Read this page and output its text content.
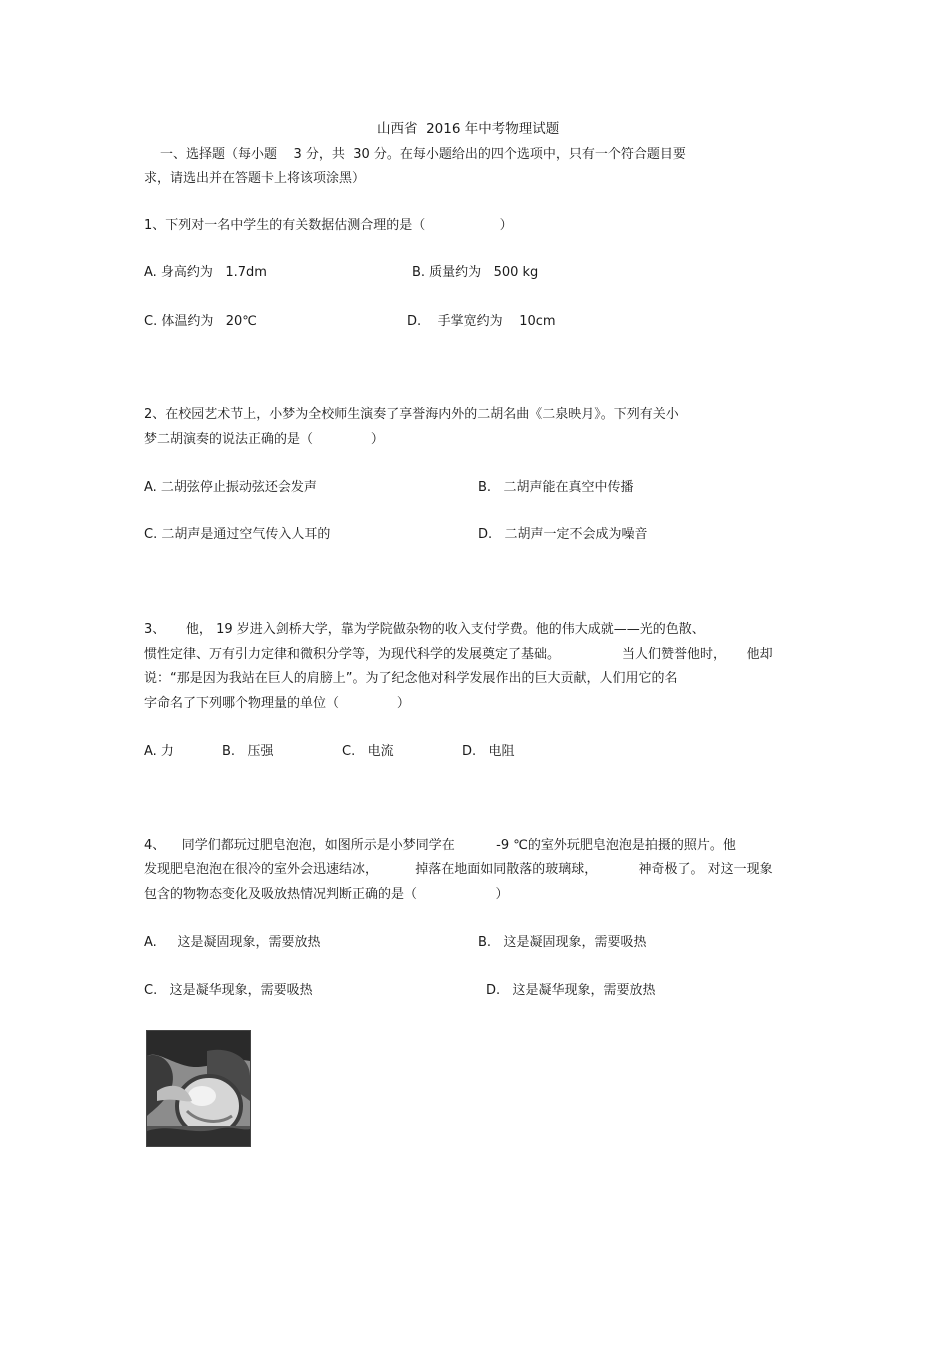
山西省  2016 年中考物理试题
一、选择题（每小题    3 分，共  30 分。在每小题给出的四个选项中，只有一个符合题目要
求，请选出并在答题卡上将该项涂黑）
1、下列对一名中学生的有关数据估测合理的是（                  ）
A. 身高约为   1.7dm	B. 质量约为   500 kg
C. 体温约为   20℃	D.    手掌宽约为    10cm
2、在校园艺术节上，小梦为全校师生演奏了享誉海内外的二胡名曲《二泉映月》。下列有关小
梦二胡演奏的说法正确的是（              ）
A. 二胡弦停止振动弦还会发声	B.   二胡声能在真空中传播
C. 二胡声是通过空气传入人耳的	D.   二胡声一定不会成为噪音
3、     他， 19 岁进入剑桥大学，靠为学院做杂物的收入支付学费。他的伟大成就——光的色散、
惯性定律、万有引力定律和微积分学等，为现代科学的发展奠定了基础。               当人们赞誉他时，     他却
说：“那是因为我站在巨人的肩膀上”。为了纪念他对科学发展作出的巨大贡献，人们用它的名
字命名了下列哪个物理量的单位（              ）
A. 力	B.   压强	C.   电流	D.   电阻
4、    同学们都玩过肥皂泡泡，如图所示是小梦同学在          -9 ℃的室外玩肥皂泡泡是拍摄的照片。他
发现肥皂泡泡在很冷的室外会迅速结冰，         掉落在地面如同散落的玻璃球，          神奇极了。 对这一现象
包含的物物态变化及吸放热情况判断正确的是（                   ）
A.     这是凝固现象，需要放热	B.   这是凝固现象，需要吸热
C.   这是凝华现象，需要吸热	D.   这是凝华现象，需要放热
